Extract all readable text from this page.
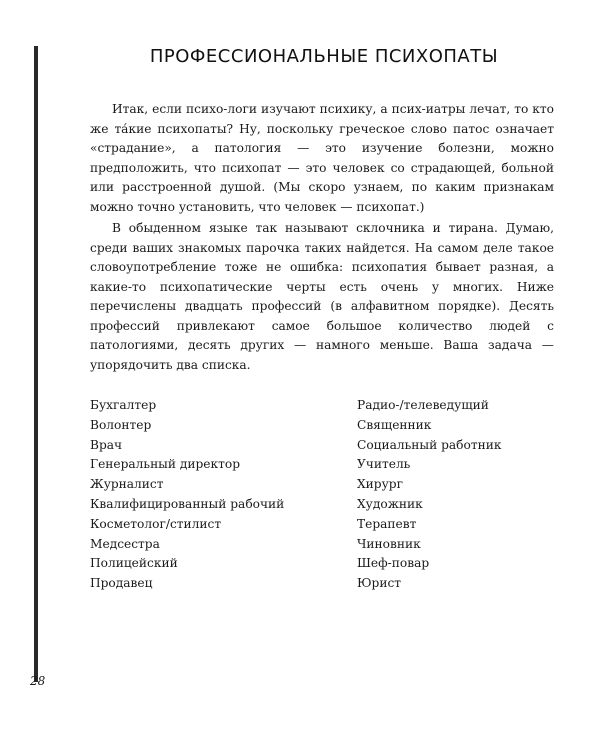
ПРОФЕССИОНАЛЬНЫЕ ПСИХОПАТЫ

Итак, если психо-логи изучают психику, а псих-иатры лечат, то кто же та́кие психопаты? Ну, поскольку греческое слово патос означает «страдание», а патология — это изучение болезни, можно предположить, что психопат — это человек со страдающей, больной или расстроенной душой. (Мы скоро узнаем, по каким признакам можно точно установить, что человек — психопат.)

В обыденном языке так называют склочника и тирана. Думаю, среди ваших знакомых парочка таких найдется. На самом деле такое словоупотребление тоже не ошибка: психопатия бывает разная, а какие-то психопатические черты есть очень у многих. Ниже перечислены двадцать профессий (в алфавитном порядке). Десять профессий привлекают самое большое количество людей с патологиями, десять других — намного меньше. Ваша задача — упорядочить два списка.

Бухгалтер
Волонтер
Врач
Генеральный директор
Журналист
Квалифицированный рабочий
Косметолог/стилист
Медсестра
Полицейский
Продавец
Радио-/телеведущий
Священник
Социальный работник
Учитель
Хирург
Художник
Терапевт
Чиновник
Шеф-повар
Юрист
28
